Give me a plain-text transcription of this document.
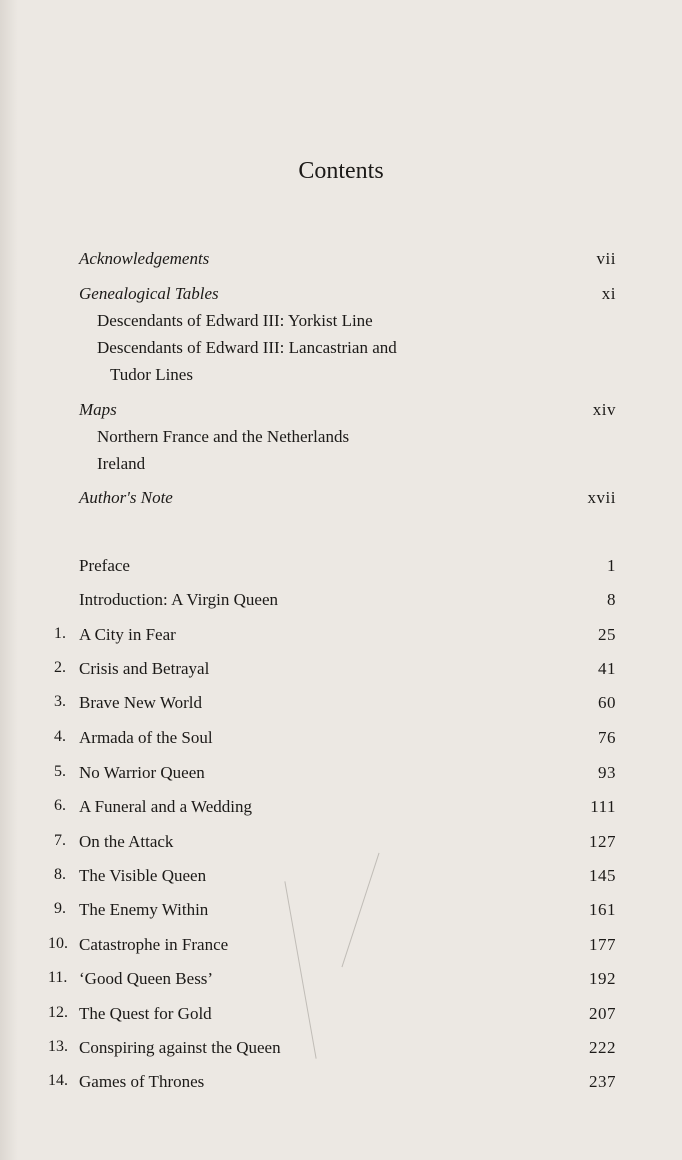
Contents
Acknowledgements	vii
Genealogical Tables	xi
Descendants of Edward III: Yorkist Line
Descendants of Edward III: Lancastrian and
Tudor Lines
Maps	xiv
Northern France and the Netherlands
Ireland
Author's Note	xvii
Preface	1
Introduction: A Virgin Queen	8
1. A City in Fear	25
2. Crisis and Betrayal	41
3. Brave New World	60
4. Armada of the Soul	76
5. No Warrior Queen	93
6. A Funeral and a Wedding	111
7. On the Attack	127
8. The Visible Queen	145
9. The Enemy Within	161
10. Catastrophe in France	177
11. ‘Good Queen Bess’	192
12. The Quest for Gold	207
13. Conspiring against the Queen	222
14. Games of Thrones	237
